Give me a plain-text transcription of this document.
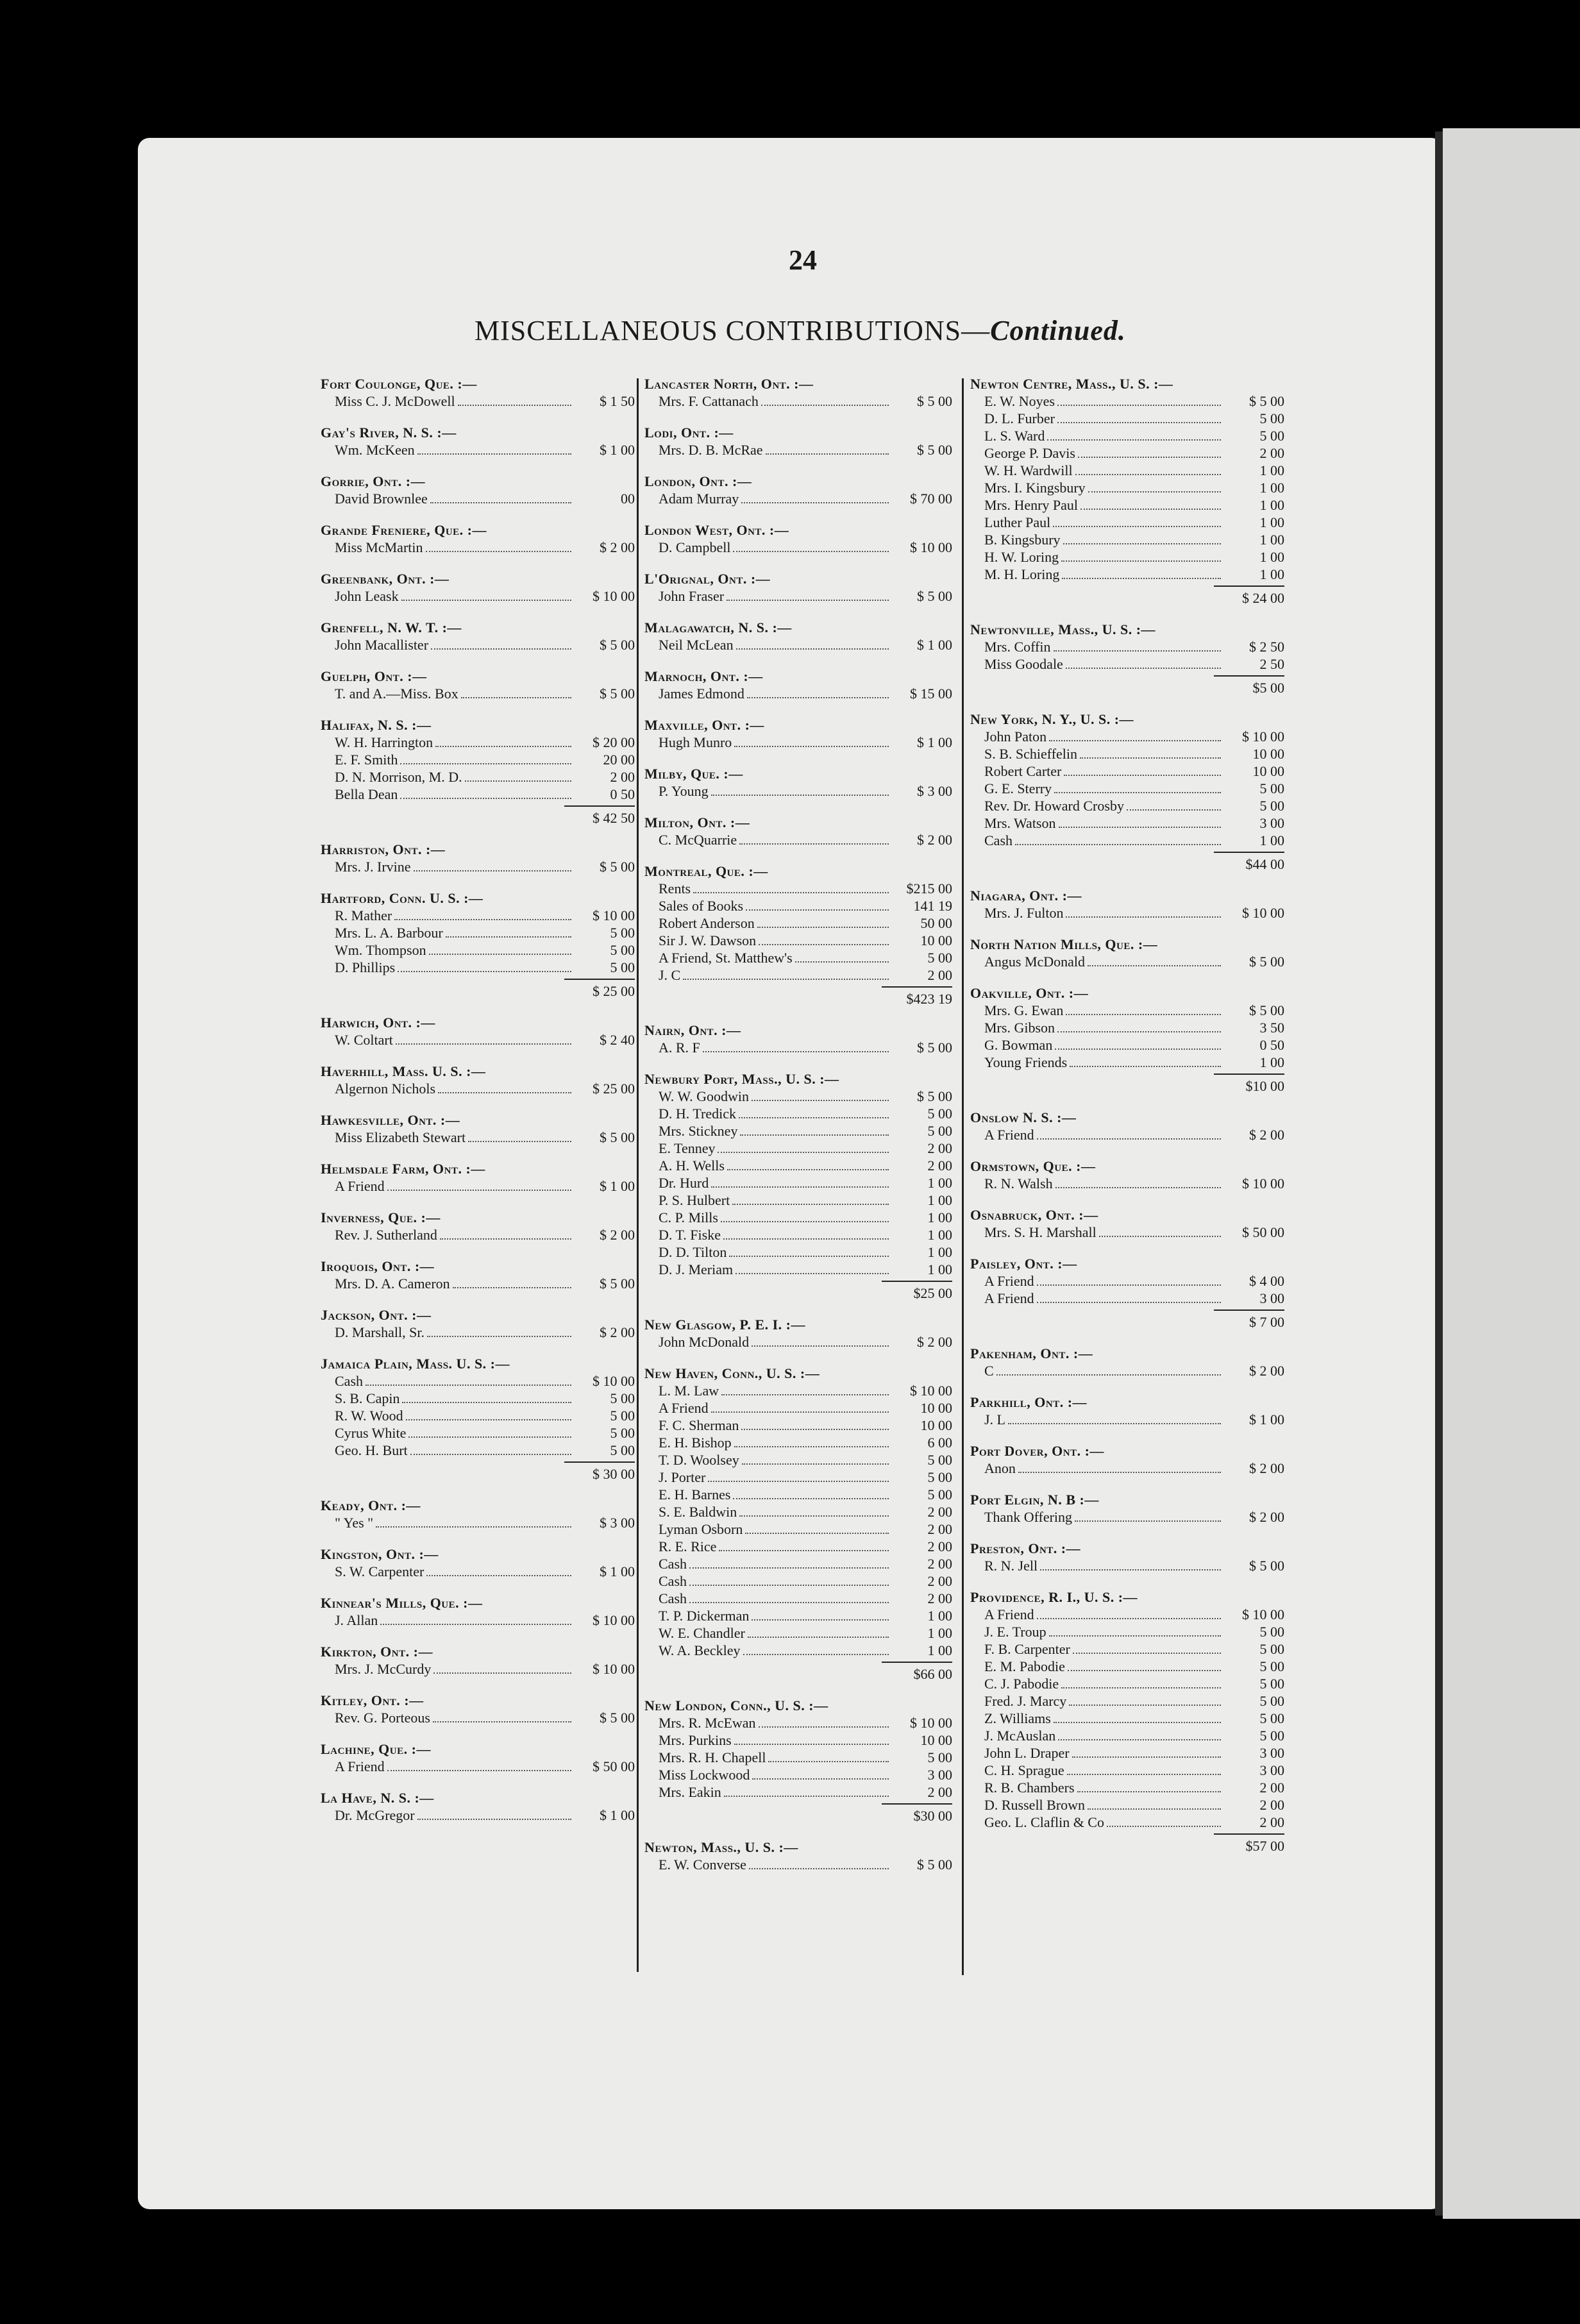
24
MISCELLANEOUS CONTRIBUTIONS—Continued.
Fort Coulonge, Que. :—
Miss C. J. McDowell	$ 1 50
Gay's River, N. S. :—
Wm. McKeen	$ 1 00
Gorrie, Ont. :—
David Brownlee	00
Grande Freniere, Que. :—
Miss McMartin	$ 2 00
Greenbank, Ont. :—
John Leask	$ 10 00
Grenfell, N. W. T. :—
John Macallister	$ 5 00
Guelph, Ont. :—
T. and A.—Miss. Box	$ 5 00
Halifax, N. S. :—
W. H. Harrington	$ 20 00
E. F. Smith	20 00
D. N. Morrison, M. D.	2 00
Bella Dean	0 50
$ 42 50
Harriston, Ont. :—
Mrs. J. Irvine	$ 5 00
Hartford, Conn. U. S. :—
R. Mather	$ 10 00
Mrs. L. A. Barbour	5 00
Wm. Thompson	5 00
D. Phillips	5 00
$ 25 00
Harwich, Ont. :—
W. Coltart	$ 2 40
Haverhill, Mass. U. S. :—
Algernon Nichols	$ 25 00
Hawkesville, Ont. :—
Miss Elizabeth Stewart	$ 5 00
Helmsdale Farm, Ont. :—
A Friend	$ 1 00
Inverness, Que. :—
Rev. J. Sutherland	$ 2 00
Iroquois, Ont. :—
Mrs. D. A. Cameron	$ 5 00
Jackson, Ont. :—
D. Marshall, Sr.	$ 2 00
Jamaica Plain, Mass. U. S. :—
Cash	$ 10 00
S. B. Capin	5 00
R. W. Wood	5 00
Cyrus White	5 00
Geo. H. Burt	5 00
$ 30 00
Keady, Ont. :—
" Yes "	$ 3 00
Kingston, Ont. :—
S. W. Carpenter	$ 1 00
Kinnear's Mills, Que. :—
J. Allan	$ 10 00
Kirkton, Ont. :—
Mrs. J. McCurdy	$ 10 00
Kitley, Ont. :—
Rev. G. Porteous	$ 5 00
Lachine, Que. :—
A Friend	$ 50 00
La Have, N. S. :—
Dr. McGregor	$ 1 00
Lancaster North, Ont. :—
Mrs. F. Cattanach	$ 5 00
Lodi, Ont. :—
Mrs. D. B. McRae	$ 5 00
London, Ont. :—
Adam Murray	$ 70 00
London West, Ont. :—
D. Campbell	$ 10 00
L'Orignal, Ont. :—
John Fraser	$ 5 00
Malagawatch, N. S. :—
Neil McLean	$ 1 00
Marnoch, Ont. :—
James Edmond	$ 15 00
Maxville, Ont. :—
Hugh Munro	$ 1 00
Milby, Que. :—
P. Young	$ 3 00
Milton, Ont. :—
C. McQuarrie	$ 2 00
Montreal, Que. :—
Rents	$215 00
Sales of Books	141 19
Robert Anderson	50 00
Sir J. W. Dawson	10 00
A Friend, St. Matthew's	5 00
J. C	2 00
$423 19
Nairn, Ont. :—
A. R. F	$ 5 00
Newbury Port, Mass., U. S. :—
W. W. Goodwin	$ 5 00
D. H. Tredick	5 00
Mrs. Stickney	5 00
E. Tenney	2 00
A. H. Wells	2 00
Dr. Hurd	1 00
P. S. Hulbert	1 00
C. P. Mills	1 00
D. T. Fiske	1 00
D. D. Tilton	1 00
D. J. Meriam	1 00
$25 00
New Glasgow, P. E. I. :—
John McDonald	$ 2 00
New Haven, Conn., U. S. :—
L. M. Law	$ 10 00
A Friend	10 00
F. C. Sherman	10 00
E. H. Bishop	6 00
T. D. Woolsey	5 00
J. Porter	5 00
E. H. Barnes	5 00
S. E. Baldwin	2 00
Lyman Osborn	2 00
R. E. Rice	2 00
Cash	2 00
Cash	2 00
Cash	2 00
T. P. Dickerman	1 00
W. E. Chandler	1 00
W. A. Beckley	1 00
$66 00
New London, Conn., U. S. :—
Mrs. R. McEwan	$ 10 00
Mrs. Purkins	10 00
Mrs. R. H. Chapell	5 00
Miss Lockwood	3 00
Mrs. Eakin	2 00
$30 00
Newton, Mass., U. S. :—
E. W. Converse	$ 5 00
Newton Centre, Mass., U. S. :—
E. W. Noyes	$ 5 00
D. L. Furber	5 00
L. S. Ward	5 00
George P. Davis	2 00
W. H. Wardwill	1 00
Mrs. I. Kingsbury	1 00
Mrs. Henry Paul	1 00
Luther Paul	1 00
B. Kingsbury	1 00
H. W. Loring	1 00
M. H. Loring	1 00
$ 24 00
Newtonville, Mass., U. S. :—
Mrs. Coffin	$ 2 50
Miss Goodale	2 50
$5 00
New York, N. Y., U. S. :—
John Paton	$ 10 00
S. B. Schieffelin	10 00
Robert Carter	10 00
G. E. Sterry	5 00
Rev. Dr. Howard Crosby	5 00
Mrs. Watson	3 00
Cash	1 00
$44 00
Niagara, Ont. :—
Mrs. J. Fulton	$ 10 00
North Nation Mills, Que. :—
Angus McDonald	$ 5 00
Oakville, Ont. :—
Mrs. G. Ewan	$ 5 00
Mrs. Gibson	3 50
G. Bowman	0 50
Young Friends	1 00
$10 00
Onslow N. S. :—
A Friend	$ 2 00
Ormstown, Que. :—
R. N. Walsh	$ 10 00
Osnabruck, Ont. :—
Mrs. S. H. Marshall	$ 50 00
Paisley, Ont. :—
A Friend	$ 4 00
A Friend	3 00
$ 7 00
Pakenham, Ont. :—
C	$ 2 00
Parkhill, Ont. :—
J. L	$ 1 00
Port Dover, Ont. :—
Anon	$ 2 00
Port Elgin, N. B :—
Thank Offering	$ 2 00
Preston, Ont. :—
R. N. Jell	$ 5 00
Providence, R. I., U. S. :—
A Friend	$ 10 00
J. E. Troup	5 00
F. B. Carpenter	5 00
E. M. Pabodie	5 00
C. J. Pabodie	5 00
Fred. J. Marcy	5 00
Z. Williams	5 00
J. McAuslan	5 00
John L. Draper	3 00
C. H. Sprague	3 00
R. B. Chambers	2 00
D. Russell Brown	2 00
Geo. L. Claflin & Co	2 00
$57 00
